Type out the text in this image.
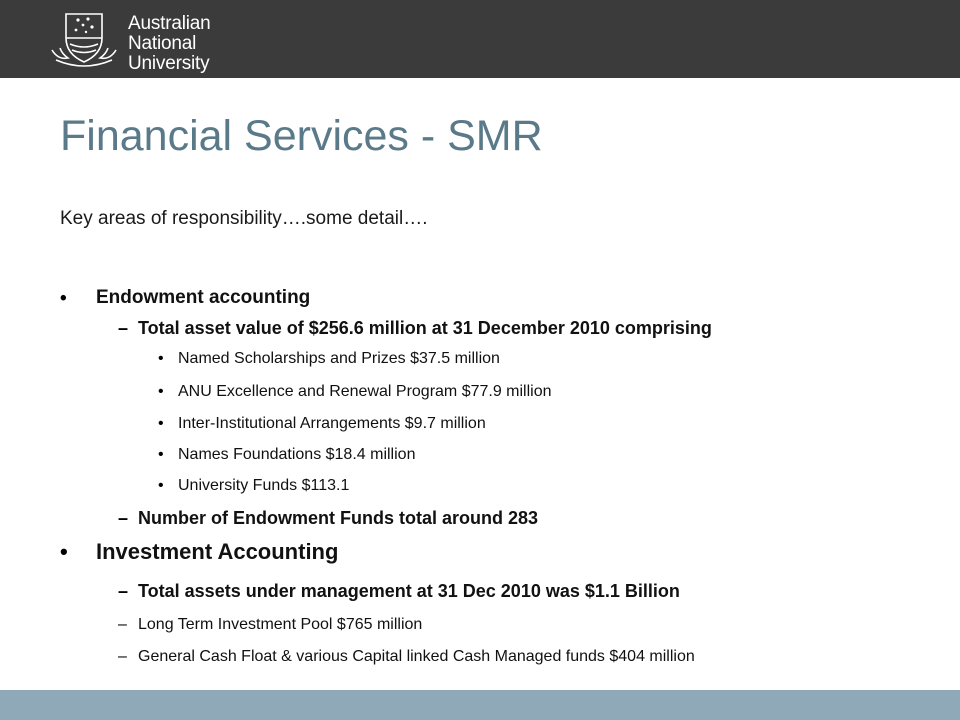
Australian
National
University
Financial Services - SMR

Key areas of responsibility….some detail….

• Endowment accounting
– Total asset value of $256.6 million at 31 December 2010 comprising
• Named Scholarships and Prizes $37.5 million
• ANU Excellence and Renewal Program $77.9 million
• Inter-Institutional Arrangements $9.7 million
• Names Foundations $18.4 million
• University Funds $113.1
– Number of Endowment Funds total around 283
• Investment Accounting
– Total assets under management at 31 Dec 2010 was $1.1 Billion
– Long Term Investment Pool $765 million
– General Cash Float & various Capital linked Cash Managed funds $404 million
